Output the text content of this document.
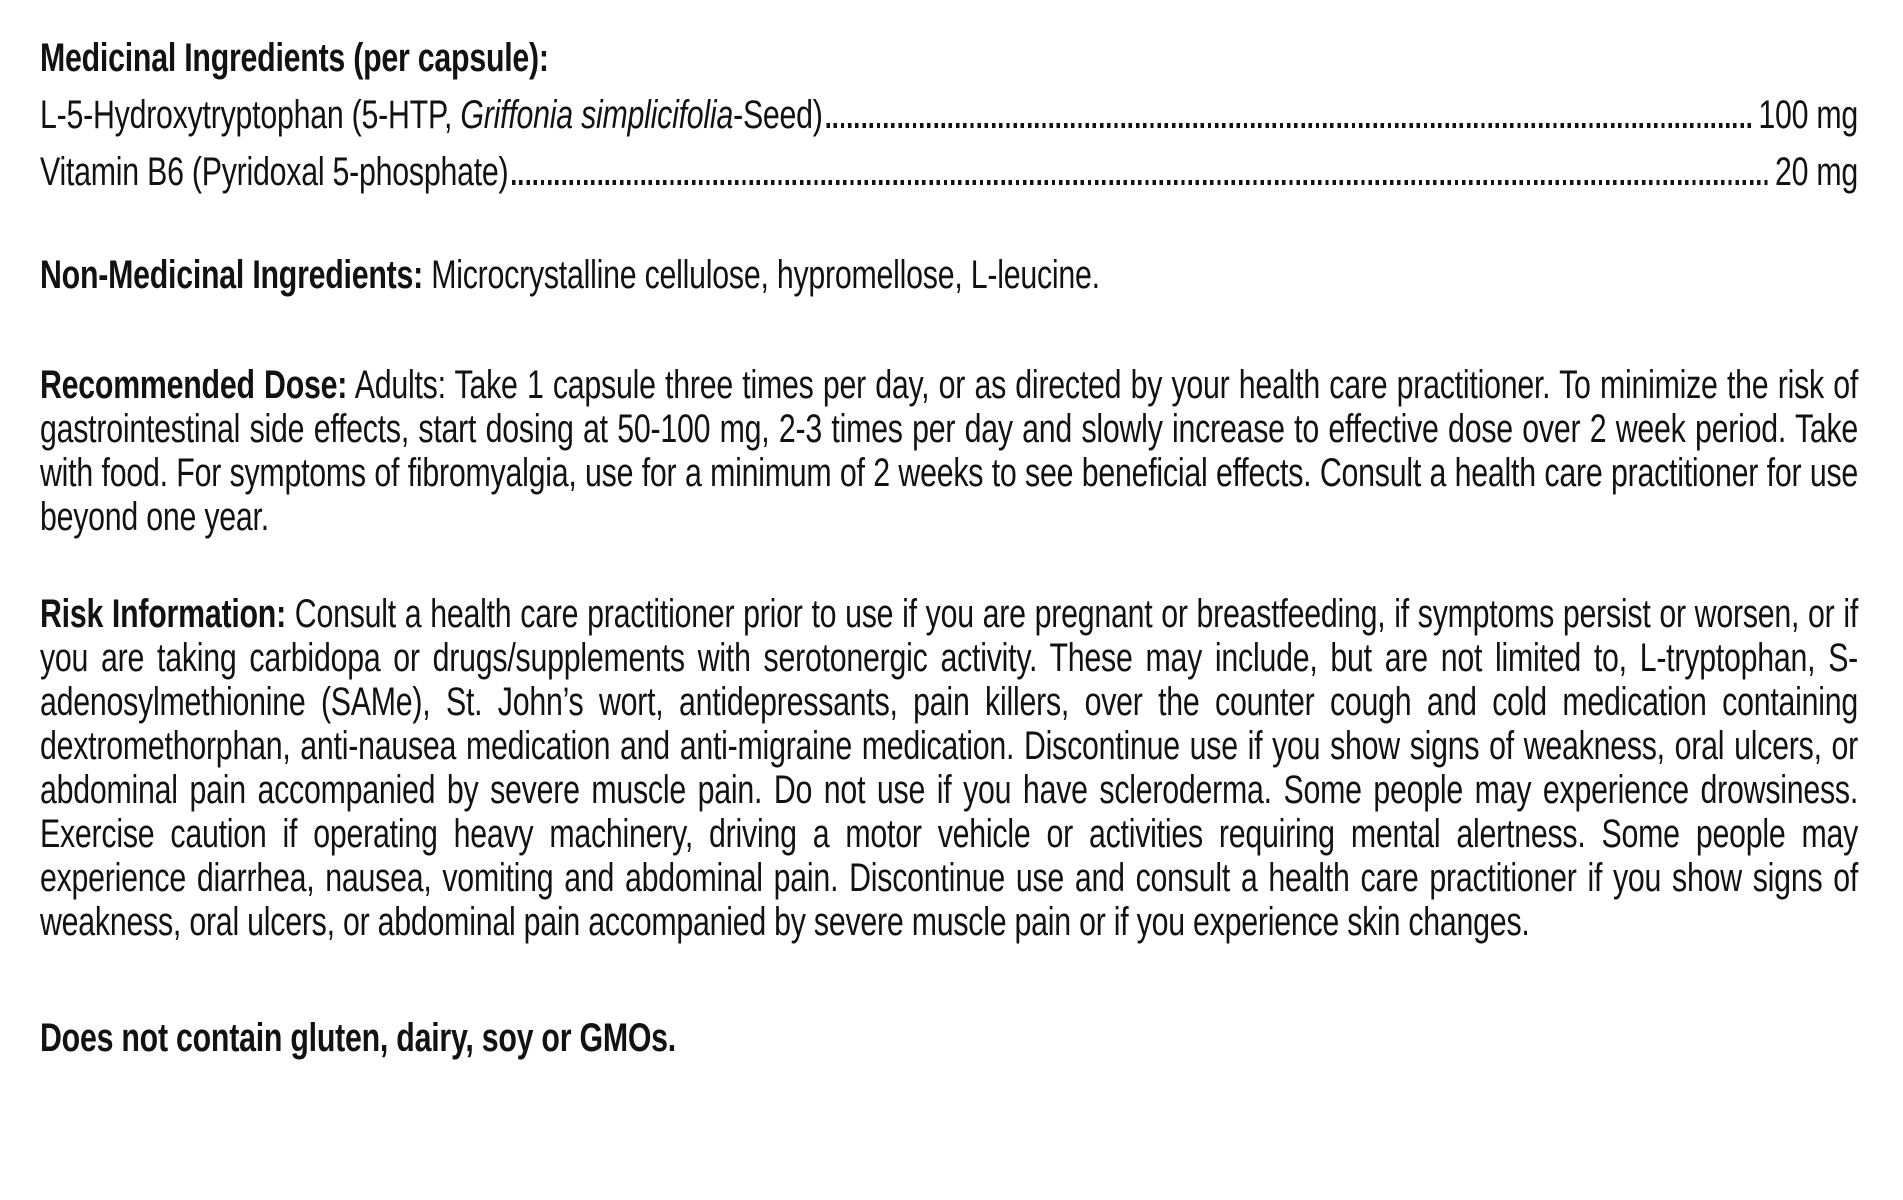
Medicinal Ingredients (per capsule):

L-5-Hydroxytryptophan (5-HTP, Griffonia simplicifolia-Seed)	100 mg
Vitamin B6 (Pyridoxal 5-phosphate)	20 mg

Non-Medicinal Ingredients: Microcrystalline cellulose, hypromellose, L-leucine.

Recommended Dose: Adults: Take 1 capsule three times per day, or as directed by your health care practitioner. To minimize the risk of gastrointestinal side effects, start dosing at 50-100 mg, 2-3 times per day and slowly increase to effective dose over 2 week period. Take with food. For symptoms of fibromyalgia, use for a minimum of 2 weeks to see beneficial effects. Consult a health care practitioner for use beyond one year.

Risk Information: Consult a health care practitioner prior to use if you are pregnant or breastfeeding, if symptoms persist or worsen, or if you are taking carbidopa or drugs/supplements with serotonergic activity. These may include, but are not limited to, L-tryptophan, S-adenosylmethionine (SAMe), St. John’s wort, antidepressants, pain killers, over the counter cough and cold medication containing dextromethorphan, anti-nausea medication and anti-migraine medication. Discontinue use if you show signs of weakness, oral ulcers, or abdominal pain accompanied by severe muscle pain. Do not use if you have scleroderma. Some people may experience drowsiness. Exercise caution if operating heavy machinery, driving a motor vehicle or activities requiring mental alertness. Some people may experience diarrhea, nausea, vomiting and abdominal pain. Discontinue use and consult a health care practitioner if you show signs of weakness, oral ulcers, or abdominal pain accompanied by severe muscle pain or if you experience skin changes.

Does not contain gluten, dairy, soy or GMOs.
